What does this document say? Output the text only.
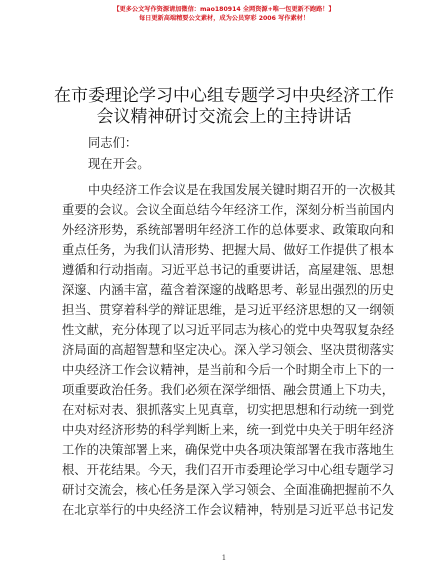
【更多公文写作资源请加微信：mao180914 全网资源+唯一包更新不跑路！】
每日更新高端精要公文素材，成为公员穿彩 2006 写作素材！
在市委理论学习中心组专题学习中央经济工作
会议精神研讨交流会上的主持讲话
同志们：
现在开会。
中央经济工作会议是在我国发展关键时期召开的一次极其
重要的会议。会议全面总结今年经济工作，深刻分析当前国内
外经济形势，系统部署明年经济工作的总体要求、政策取向和
重点任务，为我们认清形势、把握大局、做好工作提供了根本
遵循和行动指南。习近平总书记的重要讲话，高屋建瓴、思想
深邃、内涵丰富，蕴含着深邃的战略思考、彰显出强烈的历史
担当、贯穿着科学的辩证思维，是习近平经济思想的又一纲领
性文献，充分体现了以习近平同志为核心的党中央驾驭复杂经
济局面的高超智慧和坚定决心。深入学习领会、坚决贯彻落实
中央经济工作会议精神，是当前和今后一个时期全市上下的一
项重要政治任务。我们必须在深学细悟、融会贯通上下功夫，
在对标对表、狠抓落实上见真章，切实把思想和行动统一到党
中央对经济形势的科学判断上来，统一到党中央关于明年经济
工作的决策部署上来，确保党中央各项决策部署在我市落地生
根、开花结果。今天，我们召开市委理论学习中心组专题学习
研讨交流会，核心任务是深入学习领会、全面准确把握前不久
在北京举行的中央经济工作会议精神，特别是习近平总书记发
1
